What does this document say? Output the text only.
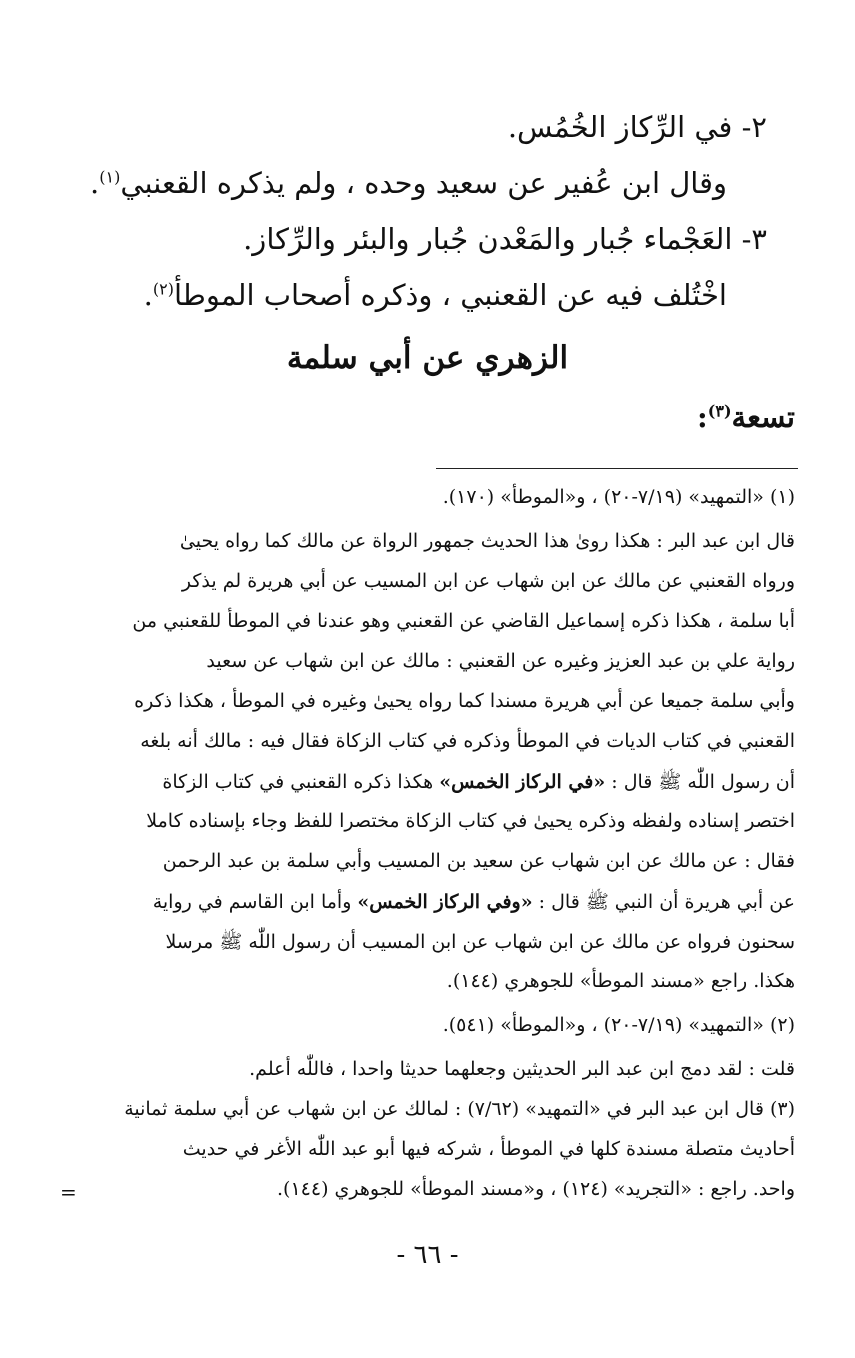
٢- في الرِّكاز الخُمُس.
وقال ابن عُفير عن سعيد وحده ، ولم يذكره القعنبي$^{(١)}$.
٣- العَجْماء جُبار والمَعْدن جُبار والبئر والرِّكاز.
اخْتُلف فيه عن القعنبي ، وذكره أصحاب الموطأ$^{(٢)}$.
الزهري عن أبي سلمة
تسعة$^{(٣)}$:
(١) «التمهيد» (٧/١٩-٢٠) ، و«الموطأ» (١٧٠).
قال ابن عبد البر : هكذا روىٰ هذا الحديث جمهور الرواة عن مالك كما رواه يحيىٰ
ورواه القعنبي عن مالك عن ابن شهاب عن ابن المسيب عن أبي هريرة لم يذكر
أبا سلمة ، هكذا ذكره إسماعيل القاضي عن القعنبي وهو عندنا في الموطأ للقعنبي من
رواية علي بن عبد العزيز وغيره عن القعنبي : مالك عن ابن شهاب عن سعيد
وأبي سلمة جميعا عن أبي هريرة مسندا كما رواه يحيىٰ وغيره في الموطأ ، هكذا ذكره
القعنبي في كتاب الديات في الموطأ وذكره في كتاب الزكاة فقال فيه : مالك أنه بلغه
أن رسول اللّٰه ﷺ قال : «في الركاز الخمس» هكذا ذكره القعنبي في كتاب الزكاة
اختصر إسناده ولفظه وذكره يحيىٰ في كتاب الزكاة مختصرا للفظ وجاء بإسناده كاملا
فقال : عن مالك عن ابن شهاب عن سعيد بن المسيب وأبي سلمة بن عبد الرحمن
عن أبي هريرة أن النبي ﷺ قال : «وفي الركاز الخمس» وأما ابن القاسم في رواية
سحنون فرواه عن مالك عن ابن شهاب عن ابن المسيب أن رسول اللّٰه ﷺ مرسلا
هكذا. راجع «مسند الموطأ» للجوهري (١٤٤).
(٢) «التمهيد» (٧/١٩-٢٠) ، و«الموطأ» (٥٤١).
قلت : لقد دمج ابن عبد البر الحديثين وجعلهما حديثا واحدا ، فاللّٰه أعلم.
(٣) قال ابن عبد البر في «التمهيد» (٧/٦٢) : لمالك عن ابن شهاب عن أبي سلمة ثمانية
أحاديث متصلة مسندة كلها في الموطأ ، شركه فيها أبو عبد اللّٰه الأغر في حديث
واحد. راجع : «التجريد» (١٢٤) ، و«مسند الموطأ» للجوهري (١٤٤).
=
- ٦٦ -
